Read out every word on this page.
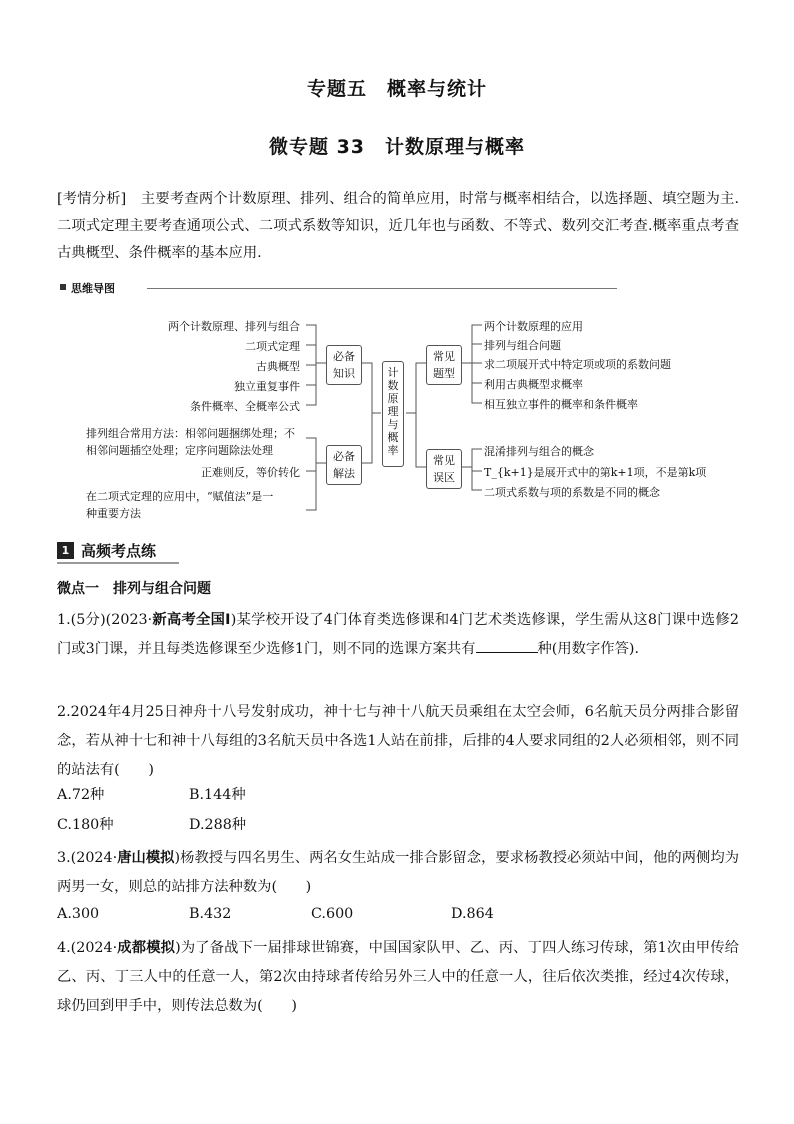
专题五　概率与统计
微专题 33　计数原理与概率
[考情分析]　主要考查两个计数原理、排列、组合的简单应用，时常与概率相结合，以选择题、填空题为主.二项式定理主要考查通项公式、二项式系数等知识，近几年也与函数、不等式、数列交汇考查.概率重点考查古典概型、条件概率的基本应用.
思维导图
两个计数原理、排列与组合
二项式定理
古典概型
独立重复事件
条件概率、全概率公式
排列组合常用方法：相邻问题捆绑处理；不
相邻问题插空处理；定序问题除法处理
正难则反，等价转化
在二项式定理的应用中，“赋值法”是一
种重要方法
必备知识
必备解法
计数原理与概率
常见题型
常见误区
两个计数原理的应用
排列与组合问题
求二项展开式中特定项或项的系数问题
利用古典概型求概率
相互独立事件的概率和条件概率
混淆排列与组合的概念
T_{k+1}是展开式中的第k+1项，不是第k项
二项式系数与项的系数是不同的概念
1 高频考点练
微点一　排列与组合问题
1.(5分)(2023·新高考全国Ⅰ)某学校开设了4门体育类选修课和4门艺术类选修课，学生需从这8门课中选修2门或3门课，并且每类选修课至少选修1门，则不同的选课方案共有	种(用数字作答).
2.2024年4月25日神舟十八号发射成功，神十七与神十八航天员乘组在太空会师，6名航天员分两排合影留念，若从神十七和神十八每组的3名航天员中各选1人站在前排，后排的4人要求同组的2人必须相邻，则不同的站法有(　　)
A.72种	B.144种
C.180种	D.288种
3.(2024·唐山模拟)杨教授与四名男生、两名女生站成一排合影留念，要求杨教授必须站中间，他的两侧均为两男一女，则总的站排方法种数为(　　)
A.300	B.432	C.600	D.864
4.(2024·成都模拟)为了备战下一届排球世锦赛，中国国家队甲、乙、丙、丁四人练习传球，第1次由甲传给乙、丙、丁三人中的任意一人，第2次由持球者传给另外三人中的任意一人，往后依次类推，经过4次传球，球仍回到甲手中，则传法总数为(　　)
